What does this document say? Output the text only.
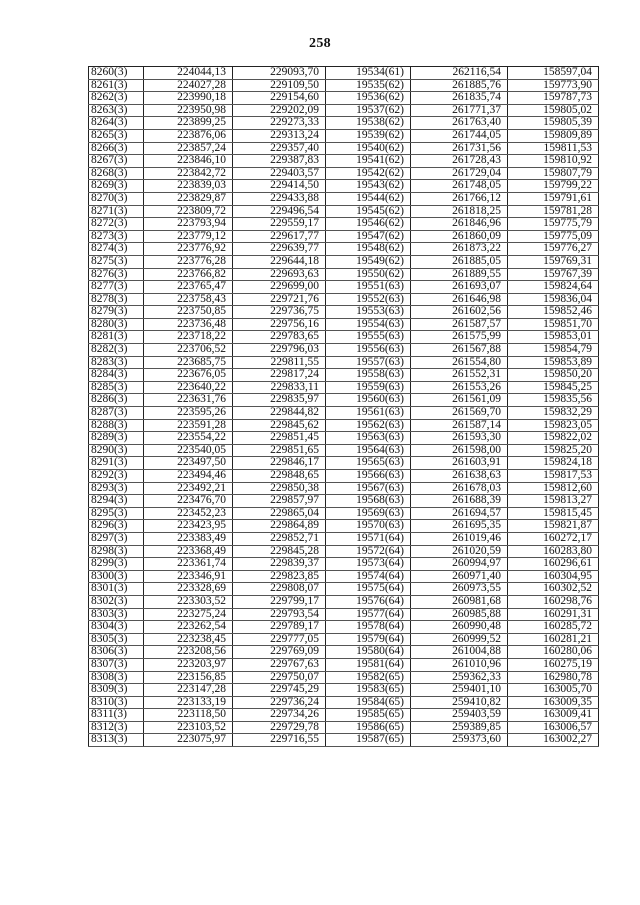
258
8260(3)	224044,13	229093,70	19534(61)	262116,54	158597,04
8261(3)	224027,28	229109,50	19535(62)	261885,76	159773,90
8262(3)	223990,18	229154,60	19536(62)	261835,74	159787,73
8263(3)	223950,98	229202,09	19537(62)	261771,37	159805,02
8264(3)	223899,25	229273,33	19538(62)	261763,40	159805,39
8265(3)	223876,06	229313,24	19539(62)	261744,05	159809,89
8266(3)	223857,24	229357,40	19540(62)	261731,56	159811,53
8267(3)	223846,10	229387,83	19541(62)	261728,43	159810,92
8268(3)	223842,72	229403,57	19542(62)	261729,04	159807,79
8269(3)	223839,03	229414,50	19543(62)	261748,05	159799,22
8270(3)	223829,87	229433,88	19544(62)	261766,12	159791,61
8271(3)	223809,72	229496,54	19545(62)	261818,25	159781,28
8272(3)	223793,94	229559,17	19546(62)	261846,96	159775,79
8273(3)	223779,12	229617,77	19547(62)	261860,09	159775,09
8274(3)	223776,92	229639,77	19548(62)	261873,22	159776,27
8275(3)	223776,28	229644,18	19549(62)	261885,05	159769,31
8276(3)	223766,82	229693,63	19550(62)	261889,55	159767,39
8277(3)	223765,47	229699,00	19551(63)	261693,07	159824,64
8278(3)	223758,43	229721,76	19552(63)	261646,98	159836,04
8279(3)	223750,85	229736,75	19553(63)	261602,56	159852,46
8280(3)	223736,48	229756,16	19554(63)	261587,57	159851,70
8281(3)	223718,22	229783,65	19555(63)	261575,99	159853,01
8282(3)	223706,52	229796,03	19556(63)	261567,88	159854,79
8283(3)	223685,75	229811,55	19557(63)	261554,80	159853,89
8284(3)	223676,05	229817,24	19558(63)	261552,31	159850,20
8285(3)	223640,22	229833,11	19559(63)	261553,26	159845,25
8286(3)	223631,76	229835,97	19560(63)	261561,09	159835,56
8287(3)	223595,26	229844,82	19561(63)	261569,70	159832,29
8288(3)	223591,28	229845,62	19562(63)	261587,14	159823,05
8289(3)	223554,22	229851,45	19563(63)	261593,30	159822,02
8290(3)	223540,05	229851,65	19564(63)	261598,00	159825,20
8291(3)	223497,50	229846,17	19565(63)	261603,91	159824,18
8292(3)	223494,46	229848,65	19566(63)	261638,63	159817,53
8293(3)	223492,21	229850,38	19567(63)	261678,03	159812,60
8294(3)	223476,70	229857,97	19568(63)	261688,39	159813,27
8295(3)	223452,23	229865,04	19569(63)	261694,57	159815,45
8296(3)	223423,95	229864,89	19570(63)	261695,35	159821,87
8297(3)	223383,49	229852,71	19571(64)	261019,46	160272,17
8298(3)	223368,49	229845,28	19572(64)	261020,59	160283,80
8299(3)	223361,74	229839,37	19573(64)	260994,97	160296,61
8300(3)	223346,91	229823,85	19574(64)	260971,40	160304,95
8301(3)	223328,69	229808,07	19575(64)	260973,55	160302,52
8302(3)	223303,52	229799,17	19576(64)	260981,68	160298,76
8303(3)	223275,24	229793,54	19577(64)	260985,88	160291,31
8304(3)	223262,54	229789,17	19578(64)	260990,48	160285,72
8305(3)	223238,45	229777,05	19579(64)	260999,52	160281,21
8306(3)	223208,56	229769,09	19580(64)	261004,88	160280,06
8307(3)	223203,97	229767,63	19581(64)	261010,96	160275,19
8308(3)	223156,85	229750,07	19582(65)	259362,33	162980,78
8309(3)	223147,28	229745,29	19583(65)	259401,10	163005,70
8310(3)	223133,19	229736,24	19584(65)	259410,82	163009,35
8311(3)	223118,50	229734,26	19585(65)	259403,59	163009,41
8312(3)	223103,52	229729,78	19586(65)	259389,85	163006,57
8313(3)	223075,97	229716,55	19587(65)	259373,60	163002,27
